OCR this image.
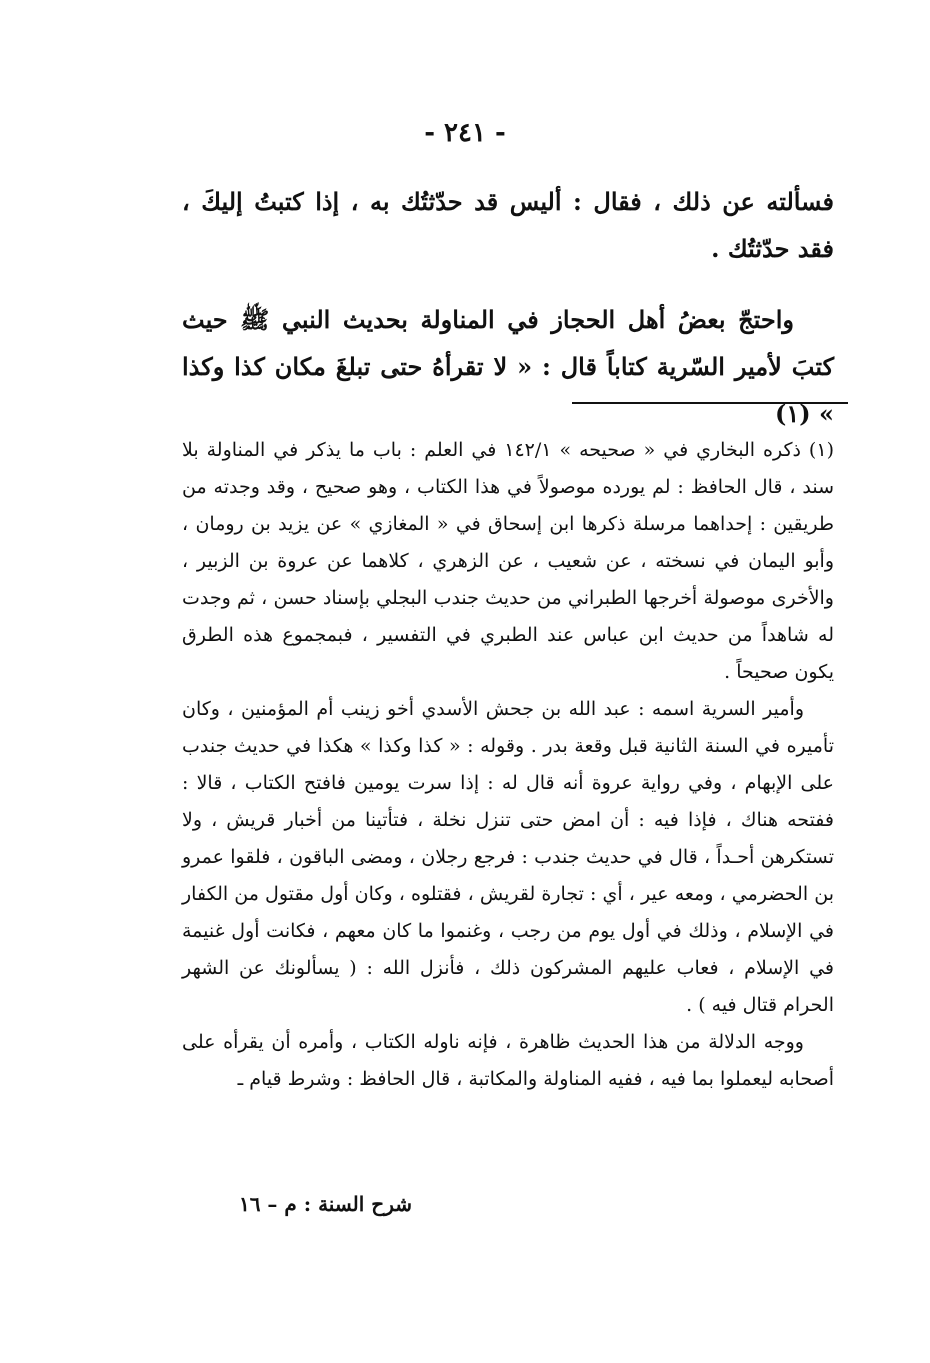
- ٢٤١ -

فسألته عن ذلك ، فقال : أليس قد حدّثتُك به ، إذا كتبتُ إليكَ ، فقد حدّثتُك .

واحتجّ بعضُ أهل الحجاز في المناولة بحديث النبي ﷺ حيث كتبَ لأمير السّرية كتاباً قال : « لا تقرأهُ حتى تبلغَ مكان كذا وكذا » (١)

(١) ذكره البخاري في « صحيحه » ١٤٢/١ في العلم : باب ما يذكر في المناولة بلا سند ، قال الحافظ : لم يورده موصولاً في هذا الكتاب ، وهو صحيح ، وقد وجدته من طريقين : إحداهما مرسلة ذكرها ابن إسحاق في « المغازي » عن يزيد بن رومان ، وأبو اليمان في نسخته ، عن شعيب ، عن الزهري ، كلاهما عن عروة بن الزبير ، والأخرى موصولة أخرجها الطبراني من حديث جندب البجلي بإسناد حسن ، ثم وجدت له شاهداً من حديث ابن عباس عند الطبري في التفسير ، فبمجموع هذه الطرق يكون صحيحاً .

وأمير السرية اسمه : عبد الله بن جحش الأسدي أخو زينب أم المؤمنين ، وكان تأميره في السنة الثانية قبل وقعة بدر . وقوله : « كذا وكذا » هكذا في حديث جندب على الإبهام ، وفي رواية عروة أنه قال له : إذا سرت يومين فافتح الكتاب ، قالا : ففتحه هناك ، فإذا فيه : أن امض حتى تنزل نخلة ، فتأتينا من أخبار قريش ، ولا تستكرهن أحـداً ، قال في حديث جندب : فرجع رجلان ، ومضى الباقون ، فلقوا عمرو بن الحضرمي ، ومعه عير ، أي : تجارة لقريش ، فقتلوه ، وكان أول مقتول من الكفار في الإسلام ، وذلك في أول يوم من رجب ، وغنموا ما كان معهم ، فكانت أول غنيمة في الإسلام ، فعاب عليهم المشركون ذلك ، فأنزل الله : ( يسألونك عن الشهر الحرام قتال فيه ) .

ووجه الدلالة من هذا الحديث ظاهرة ، فإنه ناوله الكتاب ، وأمره أن يقرأه على أصحابه ليعملوا بما فيه ، ففيه المناولة والمكاتبة ، قال الحافظ : وشرط قيام ـ

شرح السنة : م – ١٦
